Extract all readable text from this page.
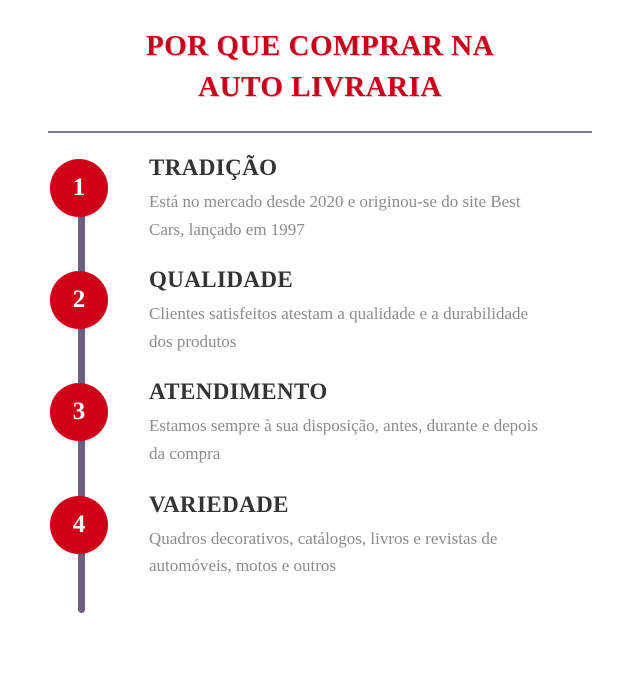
POR QUE COMPRAR NA
AUTO LIVRARIA
1

TRADIÇÃO

Está no mercado desde 2020 e originou-se do site Best Cars, lançado em 1997

2

QUALIDADE

Clientes satisfeitos atestam a qualidade e a durabilidade dos produtos

3

ATENDIMENTO

Estamos sempre à sua disposição, antes, durante e depois da compra

4

VARIEDADE

Quadros decorativos, catálogos, livros e revistas de automóveis, motos e outros
